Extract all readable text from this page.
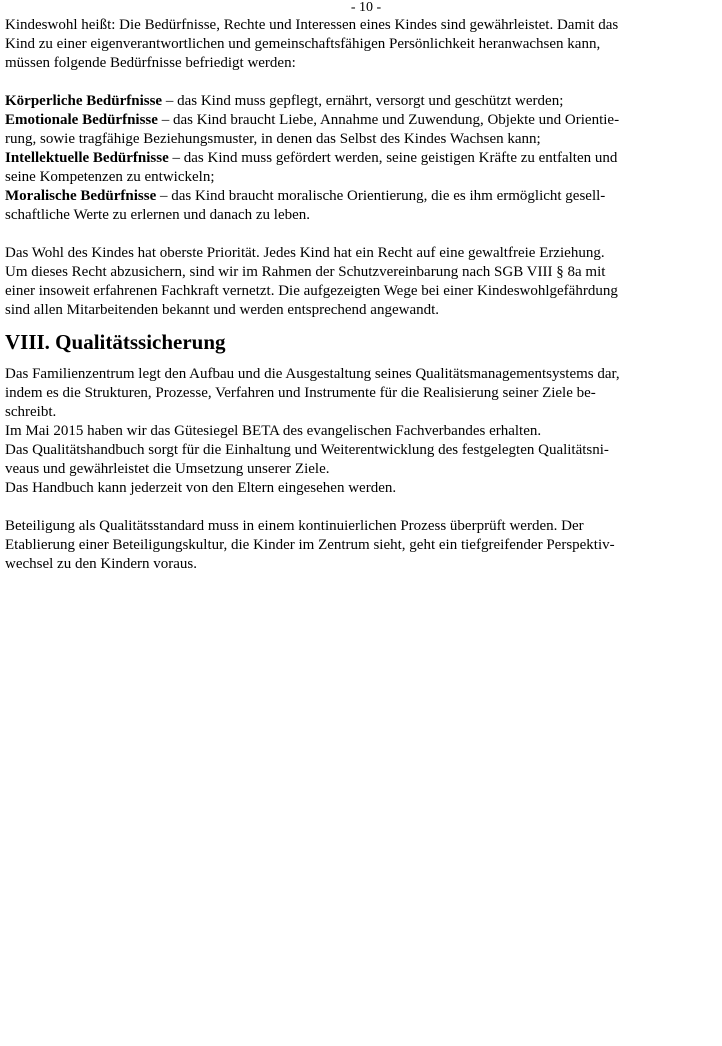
- 10 -

Kindeswohl heißt: Die Bedürfnisse, Rechte und Interessen eines Kindes sind gewährleistet. Damit das
Kind zu einer eigenverantwortlichen und gemeinschaftsfähigen Persönlichkeit heranwachsen kann,
müssen folgende Bedürfnisse befriedigt werden:

Körperliche Bedürfnisse – das Kind muss gepflegt, ernährt, versorgt und geschützt werden;
Emotionale Bedürfnisse – das Kind braucht Liebe, Annahme und Zuwendung, Objekte und Orientie-
rung, sowie tragfähige Beziehungsmuster, in denen das Selbst des Kindes Wachsen kann;
Intellektuelle Bedürfnisse – das Kind muss gefördert werden, seine geistigen Kräfte zu entfalten und
seine Kompetenzen zu entwickeln;
Moralische Bedürfnisse – das Kind braucht moralische Orientierung, die es ihm ermöglicht gesell-
schaftliche Werte zu erlernen und danach zu leben.

Das Wohl des Kindes hat oberste Priorität. Jedes Kind hat ein Recht auf eine gewaltfreie Erziehung.
Um dieses Recht abzusichern, sind wir im Rahmen der Schutzvereinbarung nach SGB VIII § 8a mit
einer insoweit erfahrenen Fachkraft vernetzt. Die aufgezeigten Wege bei einer Kindeswohlgefährdung
sind allen Mitarbeitenden bekannt und werden entsprechend angewandt.

VIII. Qualitätssicherung

Das Familienzentrum legt den Aufbau und die Ausgestaltung seines Qualitätsmanagementsystems dar,
indem es die Strukturen, Prozesse, Verfahren und Instrumente für die Realisierung seiner Ziele be-
schreibt.
Im Mai 2015 haben wir das Gütesiegel BETA des evangelischen Fachverbandes erhalten.
Das Qualitätshandbuch sorgt für die Einhaltung und Weiterentwicklung des festgelegten Qualitätsni-
veaus und gewährleistet die Umsetzung unserer Ziele.
Das Handbuch kann jederzeit von den Eltern eingesehen werden.

Beteiligung als Qualitätsstandard muss in einem kontinuierlichen Prozess überprüft werden. Der
Etablierung einer Beteiligungskultur, die Kinder im Zentrum sieht, geht ein tiefgreifender Perspektiv-
wechsel zu den Kindern voraus.
